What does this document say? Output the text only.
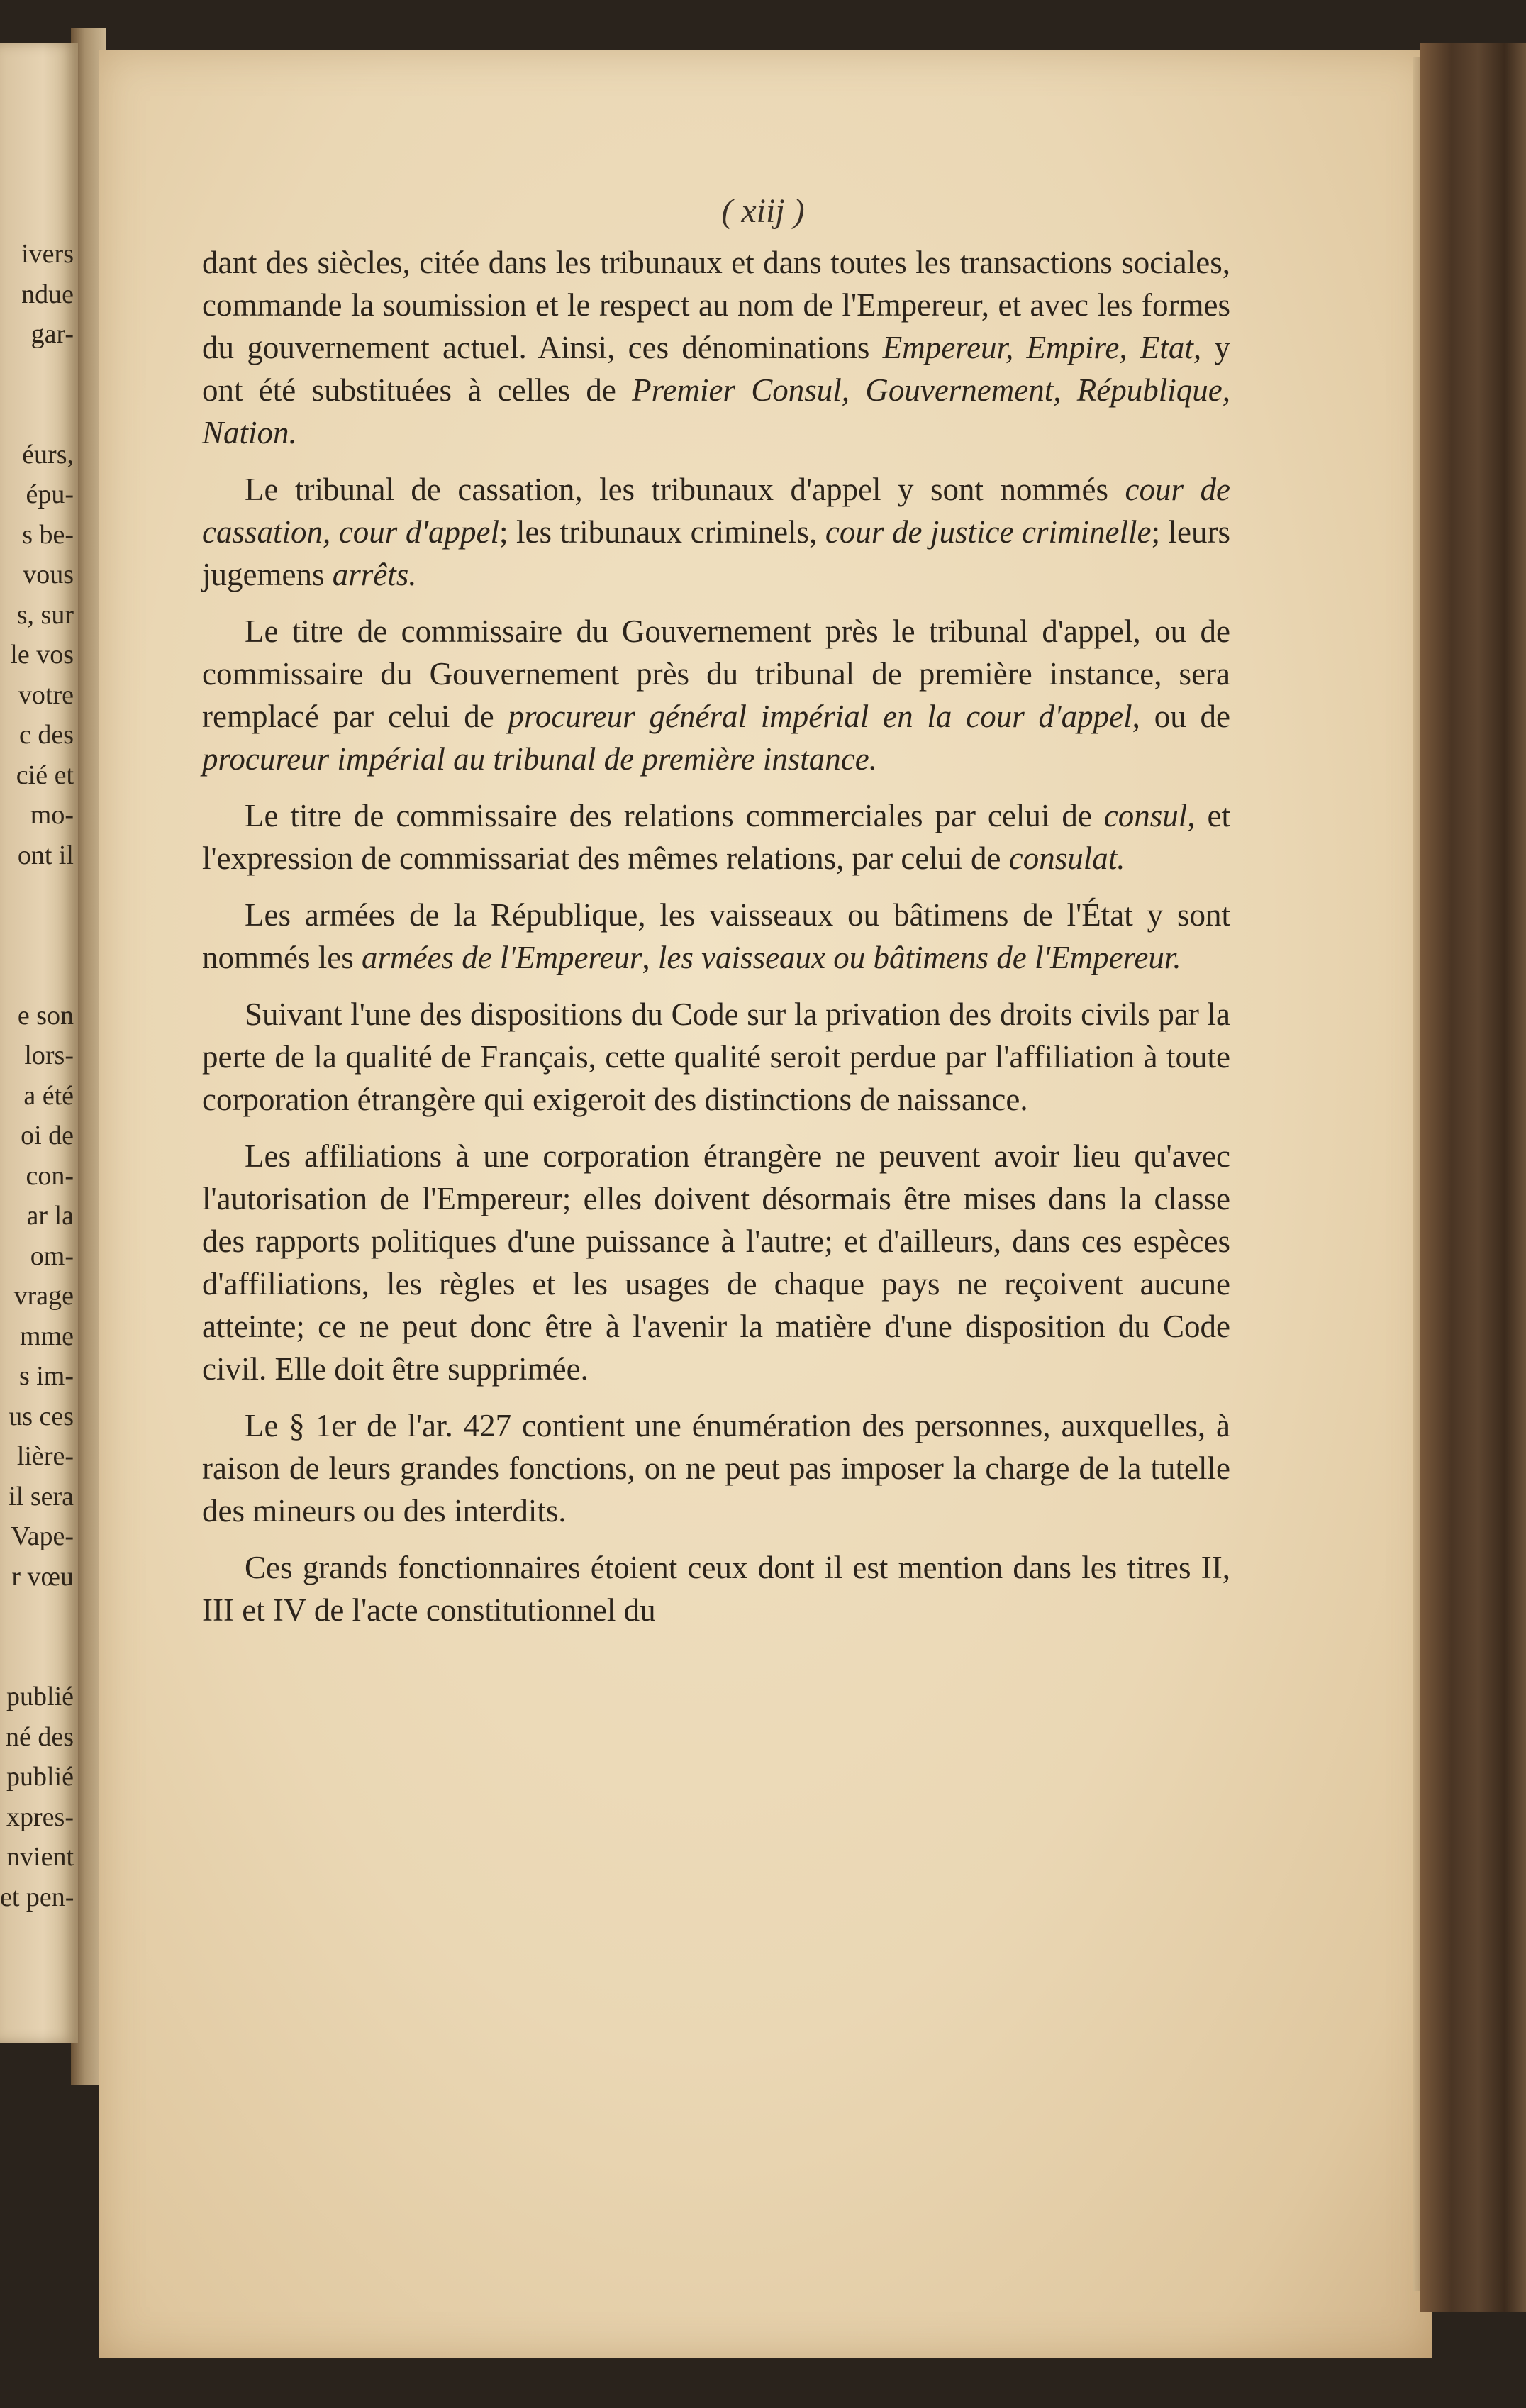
ivers
ndue
gar-
éurs,
épu-
s be-
vous
s, sur
le vos
votre
c des
cié et
mo-
ont il
e son
lors-
a été
oi de
con-
ar la
om-
vrage
mme
s im-
us ces
lière-
il sera
Vape-
r vœu
publié
né des
publié
xpres-
nvient
et pen-
( xiij )

dant des siècles, citée dans les tribunaux et dans toutes les transactions sociales, commande la soumission et le respect au nom de l'Empereur, et avec les formes du gouvernement actuel. Ainsi, ces dénominations Empereur, Empire, Etat, y ont été substituées à celles de Premier Consul, Gouvernement, République, Nation.

Le tribunal de cassation, les tribunaux d'appel y sont nommés cour de cassation, cour d'appel; les tribunaux criminels, cour de justice criminelle; leurs jugemens arrêts.

Le titre de commissaire du Gouvernement près le tribunal d'appel, ou de commissaire du Gouvernement près du tribunal de première instance, sera remplacé par celui de procureur général impérial en la cour d'appel, ou de procureur impérial au tribunal de première instance.

Le titre de commissaire des relations commerciales par celui de consul, et l'expression de commissariat des mêmes relations, par celui de consulat.

Les armées de la République, les vaisseaux ou bâtimens de l'État y sont nommés les armées de l'Empereur, les vaisseaux ou bâtimens de l'Empereur.

Suivant l'une des dispositions du Code sur la privation des droits civils par la perte de la qualité de Français, cette qualité seroit perdue par l'affiliation à toute corporation étrangère qui exigeroit des distinctions de naissance.

Les affiliations à une corporation étrangère ne peuvent avoir lieu qu'avec l'autorisation de l'Empereur; elles doivent désormais être mises dans la classe des rapports politiques d'une puissance à l'autre; et d'ailleurs, dans ces espèces d'affiliations, les règles et les usages de chaque pays ne reçoivent aucune atteinte; ce ne peut donc être à l'avenir la matière d'une disposition du Code civil. Elle doit être supprimée.

Le § 1er de l'ar. 427 contient une énumération des personnes, auxquelles, à raison de leurs grandes fonctions, on ne peut pas imposer la charge de la tutelle des mineurs ou des interdits.

Ces grands fonctionnaires étoient ceux dont il est mention dans les titres II, III et IV de l'acte constitutionnel du
